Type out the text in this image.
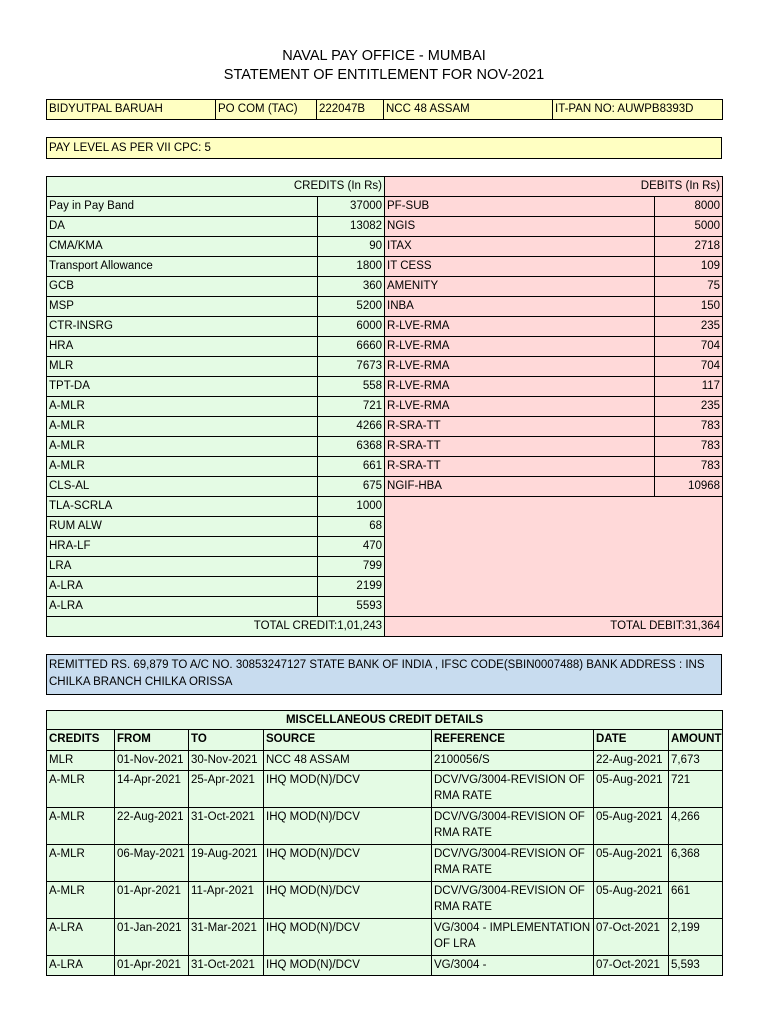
NAVAL PAY OFFICE - MUMBAI
STATEMENT OF ENTITLEMENT FOR NOV-2021
BIDYUTPAL BARUAH	PO COM (TAC)	222047B	NCC 48 ASSAM	IT-PAN NO: AUWPB8393D
PAY LEVEL AS PER VII CPC: 5
CREDITS (In Rs)		DEBITS (In Rs)	
Pay in Pay Band	37000	PF-SUB	8000
DA	13082	NGIS	5000
CMA/KMA	90	ITAX	2718
Transport Allowance	1800	IT CESS	109
GCB	360	AMENITY	75
MSP	5200	INBA	150
CTR-INSRG	6000	R-LVE-RMA	235
HRA	6660	R-LVE-RMA	704
MLR	7673	R-LVE-RMA	704
TPT-DA	558	R-LVE-RMA	117
A-MLR	721	R-LVE-RMA	235
A-MLR	4266	R-SRA-TT	783
A-MLR	6368	R-SRA-TT	783
A-MLR	661	R-SRA-TT	783
CLS-AL	675	NGIF-HBA	10968
TLA-SCRLA	1000		
RUM ALW	68		
HRA-LF	470		
LRA	799		
A-LRA	2199		
A-LRA	5593		
TOTAL CREDIT:1,01,243		TOTAL DEBIT:31,364	
REMITTED RS. 69,879 TO A/C NO. 30853247127 STATE BANK OF INDIA , IFSC CODE(SBIN0007488) BANK ADDRESS : INS CHILKA BRANCH CHILKA ORISSA
MISCELLANEOUS CREDIT DETAILS						
CREDITS	FROM	TO	SOURCE	REFERENCE	DATE	AMOUNT
MLR	01-Nov-2021	30-Nov-2021	NCC 48 ASSAM	2100056/S	22-Aug-2021	7,673
A-MLR	14-Apr-2021	25-Apr-2021	IHQ MOD(N)/DCV	DCV/VG/3004-REVISION OF RMA RATE	05-Aug-2021	721
A-MLR	22-Aug-2021	31-Oct-2021	IHQ MOD(N)/DCV	DCV/VG/3004-REVISION OF RMA RATE	05-Aug-2021	4,266
A-MLR	06-May-2021	19-Aug-2021	IHQ MOD(N)/DCV	DCV/VG/3004-REVISION OF RMA RATE	05-Aug-2021	6,368
A-MLR	01-Apr-2021	11-Apr-2021	IHQ MOD(N)/DCV	DCV/VG/3004-REVISION OF RMA RATE	05-Aug-2021	661
A-LRA	01-Jan-2021	31-Mar-2021	IHQ MOD(N)/DCV	VG/3004 - IMPLEMENTATION OF LRA	07-Oct-2021	2,199
A-LRA	01-Apr-2021	31-Oct-2021	IHQ MOD(N)/DCV	VG/3004 -	07-Oct-2021	5,593
